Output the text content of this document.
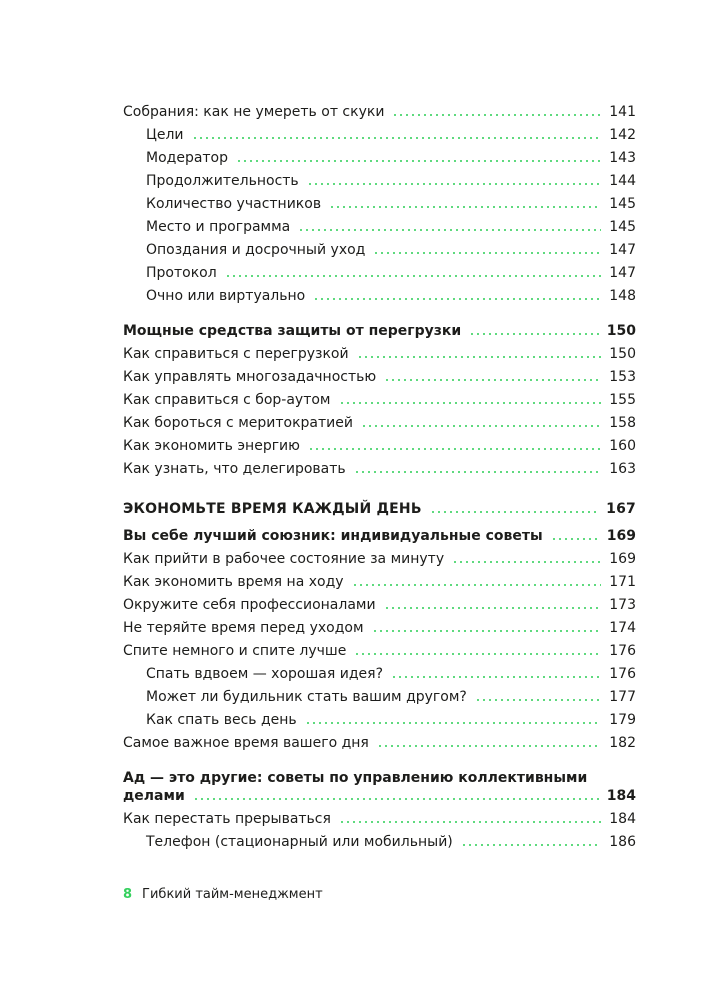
Собрания: как не умереть от скуки	141
Цели	142
Модератор	143
Продолжительность	144
Количество участников	145
Место и программа	145
Опоздания и досрочный уход	147
Протокол	147
Очно или виртуально	148
Мощные средства защиты от перегрузки	150
Как справиться с перегрузкой	150
Как управлять многозадачностью	153
Как справиться с бор-аутом	155
Как бороться с меритократией	158
Как экономить энергию	160
Как узнать, что делегировать	163
ЭКОНОМЬТЕ ВРЕМЯ КАЖДЫЙ ДЕНЬ	167
Вы себе лучший союзник: индивидуальные советы	169
Как прийти в рабочее состояние за минуту	169
Как экономить время на ходу	171
Окружите себя профессионалами	173
Не теряйте время перед уходом	174
Спите немного и спите лучше	176
Спать вдвоем — хорошая идея?	176
Может ли будильник стать вашим другом?	177
Как спать весь день	179
Самое важное время вашего дня	182
Ад — это другие: советы по управлению коллективными
делами	184
Как перестать прерываться	184
Телефон (стационарный или мобильный)	186
8 Гибкий тайм-менеджмент
